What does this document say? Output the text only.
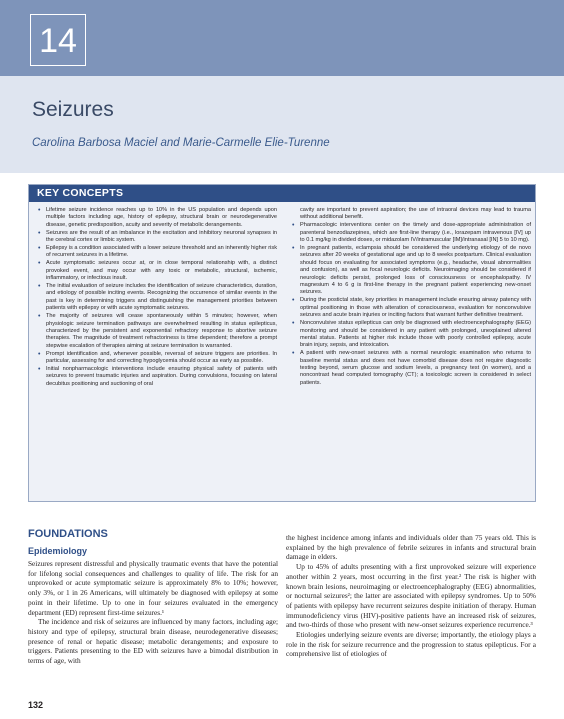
14
Seizures

Carolina Barbosa Maciel and Marie-Carmelle Elie-Turenne

KEY CONCEPTS
• Lifetime seizure incidence reaches up to 10% in the US population and depends upon multiple factors including age, history of epilepsy, structural brain or neurodegenerative disease, genetic predisposition, acuity and severity of metabolic derangements.
• Seizures are the result of an imbalance in the excitation and inhibitory neuronal synapses in the cerebral cortex or limbic system.
• Epilepsy is a condition associated with a lower seizure threshold and an inherently higher risk of recurrent seizures in a lifetime.
• Acute symptomatic seizures occur at, or in close temporal relationship with, a distinct provoked event, and may occur with any toxic or metabolic, structural, ischemic, inflammatory, or infectious insult.
• The initial evaluation of seizure includes the identification of seizure characteristics, duration, and etiology of possible inciting events. Recognizing the occurrence of similar events in the past is key in determining triggers and distinguishing the management priorities between patients with epilepsy or with acute symptomatic seizures.
• The majority of seizures will cease spontaneously within 5 minutes; however, when physiologic seizure termination pathways are overwhelmed resulting in status epilepticus, characterized by the persistent and exponential refractory response to abortive seizure therapies. The magnitude of treatment refractoriness is time dependent; therefore a prompt stepwise escalation of therapies aiming at seizure termination is warranted.
• Prompt identification and, whenever possible, reversal of seizure triggers are priorities. In particular, assessing for and correcting hypoglycemia should occur as early as possible.
• Initial nonpharmacologic interventions include ensuring physical safety of patients with seizures to prevent traumatic injuries and aspiration. During convulsions, focusing on lateral decubitus positioning and suctioning of oral
cavity are important to prevent aspiration; the use of intraoral devices may lead to trauma without additional benefit.
• Pharmacologic interventions center on the timely and dose-appropriate administration of parenteral benzodiazepines, which are first-line therapy (i.e., lorazepam intravenous [IV] up to 0.1 mg/kg in divided doses, or midazolam IV/intramuscular [IM]/intranasal [IN] 5 to 10 mg).
• In pregnant patients, eclampsia should be considered the underlying etiology of de novo seizures after 20 weeks of gestational age and up to 8 weeks postpartum. Clinical evaluation should focus on evaluating for associated symptoms (e.g., headache, visual abnormalities and confusion), as well as focal neurologic deficits. Neuroimaging should be considered if neurologic deficits persist, prolonged loss of consciousness or encephalopathy. IV magnesium 4 to 6 g is first-line therapy in the pregnant patient experiencing new-onset seizures.
• During the postictal state, key priorities in management include ensuring airway patency with optimal positioning in those with alteration of consciousness, evaluation for nonconvulsive seizures and acute brain injuries or inciting factors that warrant further definitive treatment.
• Nonconvulsive status epilepticus can only be diagnosed with electroencephalography (EEG) monitoring and should be considered in any patient with prolonged, unexplained altered mental status. Patients at higher risk include those with poorly controlled epilepsy, acute brain injury, sepsis, and intoxication.
• A patient with new-onset seizures with a normal neurologic examination who returns to baseline mental status and does not have comorbid disease does not require diagnostic testing beyond, serum glucose and sodium levels, a pregnancy test (in women), and a noncontrast head computed tomography (CT); a toxicologic screen is considered in select patients.
FOUNDATIONS
Epidemiology

Seizures represent distressful and physically traumatic events that have the potential for lifelong social consequences and challenges to quality of life. The risk for an unprovoked or acute symptomatic seizure is approximately 8% to 10%; however, only 3%, or 1 in 26 Americans, will ultimately be diagnosed with epilepsy at some point in their lifetime. Up to one in four seizures evaluated in the emergency department (ED) represent first-time seizures.¹

The incidence and risk of seizures are influenced by many factors, including age; history and type of epilepsy, structural brain disease, neurodegenerative diseases; presence of renal or hepatic disease; metabolic derangements; and exposure to triggers. Patients presenting to the ED with seizures have a bimodal distribution in terms of age, with

the highest incidence among infants and individuals older than 75 years old. This is explained by the high prevalence of febrile seizures in infants and structural brain damage in elders.

Up to 45% of adults presenting with a first unprovoked seizure will experience another within 2 years, most occurring in the first year.² The risk is higher with known brain lesions, neuroimaging or electroencephalography (EEG) abnormalities, or nocturnal seizures²; the latter are associated with epilepsy syndromes. Up to 50% of patients with epilepsy have recurrent seizures despite initiation of therapy. Human immunodeficiency virus (HIV)-positive patients have an increased risk of seizures, and two-thirds of those who present with new-onset seizures experience recurrence.³

Etiologies underlying seizure events are diverse; importantly, the etiology plays a role in the risk for seizure recurrence and the progression to status epilepticus. For a comprehensive list of etiologies of

132
